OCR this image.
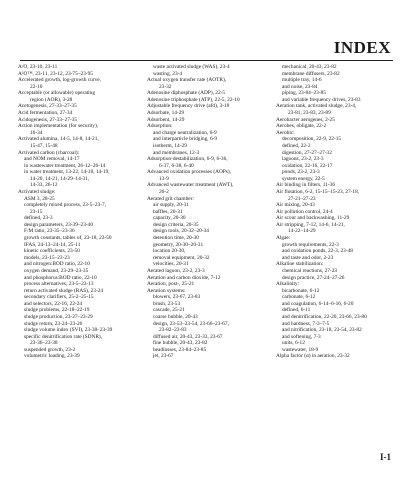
INDEX
A/O, 23-10, 23-11
A²O™, 23-11, 23-12, 23-75–23-95
Accelerated growth, log-growth curve,
22-10
Acceptable (or allowable) operating
region (AOR), 3-28
Acetogenesis, 27-33–27-35
Acid fermentation, 27-34
Acidogenesis, 27-33–27-35
Action implementation (for security),
16-34
Activated alumina, 14-5, 14-8, 14-21,
15-47, 15-48
Activated carbon (charcoal):
and NOM removal, 14-17
in wastewater treatment, 26-12–26-14
in water treatment, 13-22, 14-18, 14-19,
14-20, 14-21, 14-29–14-31,
14-33, 26-12
Activated sludge:
ASM 3, 28-25
completely mixed process, 23-5–23-7,
23-15
defined, 23-3
design parameters, 23-39–23-40
F/M ratio, 23-35–23-36
growth constants, tables of, 23-18, 23-50
IFAS, 24-13–24-14, 25-11
kinetic coefficients, 23-50
models, 23-15–23-23
and nitrogen:BOD ratio, 22-10
oxygen demand, 23-29–23-35
and phosphorus:BOD ratio, 22-10
process alternatives, 23-5–23-13
return activated sludge (RAS), 23-24
secondary clarifiers, 25-2–25-15
and selectors, 22-16, 22-24
sludge problems, 22-18–22-19
sludge production, 23-27–23-29
sludge return, 23-24–23-26
sludge volume index (SVI), 23-38–23-39
specific denitrification rate (SDNR),
23-36–23-38
suspended growth, 23-2
volumetric loading, 23-39
waste activated sludge (WAS), 23-4
wasting, 23-4
Actual oxygen transfer rate (AOTR),
23-32
Adenosine diphosphate (ADP), 22-5
Adenosine triphosphate (ATP), 22-5, 22-10
Adjustable frequency drive (afd), 3-18
Adsorbate, 14-29
Adsorbent, 14-29
Adsorption:
and charge neutralization, 6-9
and interparticle bridging, 6-9
isotherm, 14-29
and membranes, 12-3
Adsorption-destabilization, 6-9, 6-36,
6-37, 6-38, 6-40
Advanced oxidation processes (AOPs),
13-9
Advanced wastewater treatment (AWT),
26-2
Aerated grit chamber:
air supply, 20-31
baffles, 20-31
capacity, 20-30
design criteria, 20-35
design tools, 20-32–20-34
detention time, 20-30
geometry, 20-30–20-31
location 20-30,
removal equipment, 20-32
velocities, 20-31
Aerated lagoon, 23-2, 23-3
Aeration and carbon dioxide, 7-12
Aeration, post-, 25-21
Aeration systems:
blowers, 23-67, 23-83
brush, 23-53
cascade, 25-21
coarse bubble, 20-43
design, 23-53–23-54, 23-66–23-67,
23-82–23-83
diffused air, 20-43, 23-33, 23-67
fine bubble, 20-43, 23-82
headlosses, 23-84–23-85
jet, 23-67
mechanical, 20-43, 23-82
membrane diffusers, 23-82
multiple tray, 14-6
and noise, 23-84
piping, 23-84–23-85
and variable frequency drives, 23-83
Aeration tank, activated sludge, 23-4,
23-81, 23-83, 23-89
Aerobacter aerogenes, 2-25
Aerobes, obligate, 22-2
Aerobic:
decomposition, 22-9, 22-15
defined, 22-2
digestion, 27-27–27-32
lagoons, 23-2, 23-3
oxidation, 22-16, 22-17
ponds, 23-2, 23-3
system energy, 22-5
Air binding in filters, 11-36
Air flotation, 6-2, 15-15–15-23, 27-18,
27-21–27-23
Air mixing, 20-43
Air pollution control, 24-4
Air scour and backwashing, 11-29
Air stripping, 7-12, 14-6, 14-21,
14-22–14-29
Algae:
growth requirements, 22-3
and oxidation ponds, 22-3, 23-48
and taste and odor, 2-23
Alkaline stabilization:
chemical reactions, 27-23
design practice, 27-24–27-26
Alkalinity:
bicarbonate, 6-12
carbonate, 6-12
and coagulation, 6-14–6-16, 6-20
defined, 6-11
and denitrification, 22-20, 23-66, 23-80
and hardness, 7-3–7-5
and nitrification, 23-18, 23-54, 23-82
and softening, 7-3
units, 6-12
wastewater, 18-9
Alpha factor (α) in aeration, 23-32
I-1
